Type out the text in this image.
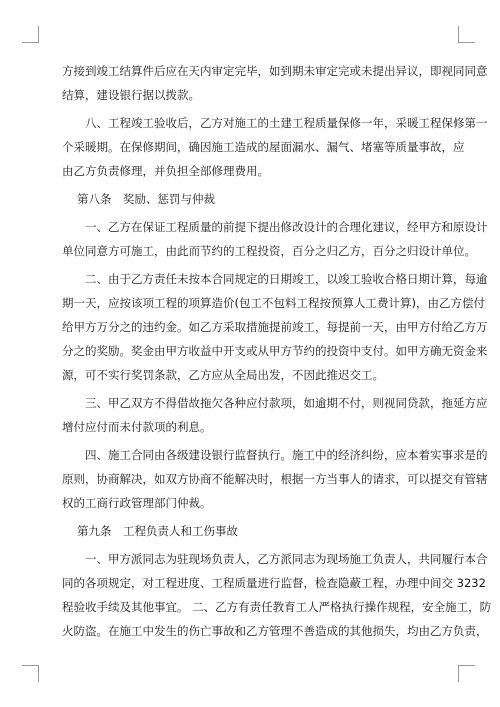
方接到竣工结算件后应在天内审定完毕，如到期未审定完或未提出异议，即视同同意
结算，建设银行据以拨款。
八、工程竣工验收后，乙方对施工的土建工程质量保修一年，采暖工程保修第一
个采暖期。在保修期间，确因施工造成的屋面漏水、漏气、堵塞等质量事故，应
由乙方负责修理，并负担全部修理费用。
第八条　奖励、惩罚与仲裁
一、乙方在保证工程质量的前提下提出修改设计的合理化建议，经甲方和原设计
单位同意方可施工，由此而节约的工程投资，百分之归乙方，百分之归设计单位。
二、由于乙方责任未按本合同规定的日期竣工，以竣工验收合格日期计算，每逾
期一天，应按该项工程的项算造价(包工不包料工程按预算人工费计算)，由乙方偿付
给甲方万分之的违约金。如乙方采取措施提前竣工，每提前一天，由甲方付给乙方万
分之的奖励。奖金由甲方收益中开支或从甲方节约的投资中支付。如甲方确无资金来
源，可不实行奖罚条款，乙方应从全局出发，不因此推迟交工。
三、甲乙双方不得借故拖欠各种应付款项，如逾期不付，则视同贷款，拖延方应
增付应付而未付款项的利息。
四、施工合同由各级建设银行监督执行。施工中的经济纠纷，应本着实事求是的
原则，协商解决，如双方协商不能解决时，根据一方当事人的请求，可以提交有管辖
权的工商行政管理部门仲裁。
第九条　工程负责人和工伤事故
一、甲方派同志为驻现场负责人，乙方派同志为现场施工负责人，共同履行本合
同的各项规定，对工程进度、工程质量进行监督，检查隐蔽工程，办理中间交 3232
程验收手续及其他事宜。 二、乙方有责任教育工人严格执行操作规程，安全施工，防
火防盗。在施工中发生的伤亡事故和乙方管理不善造成的其他损失，均由乙方负责，
